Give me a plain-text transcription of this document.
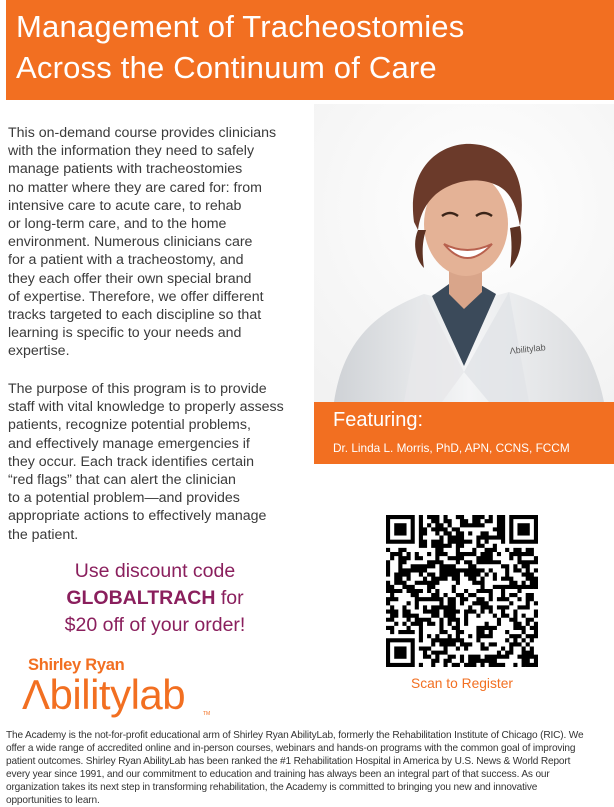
Management of Tracheostomies
Across the Continuum of Care

This on-demand course provides clinicians
with the information they need to safely
manage patients with tracheostomies
no matter where they are cared for: from
intensive care to acute care, to rehab
or long-term care, and to the home
environment. Numerous clinicians care
for a patient with a tracheostomy, and
they each offer their own special brand
of expertise. Therefore, we offer different
tracks targeted to each discipline so that
learning is specific to your needs and
expertise.	Ʌbilitylab
Featuring:
Dr. Linda L. Morris, PhD, APN, CCNS, FCCM

The purpose of this program is to provide
staff with vital knowledge to properly assess
patients, recognize potential problems,
and effectively manage emergencies if
they occur. Each track identifies certain
“red flags” that can alert the clinician
to a potential problem—and provides
appropriate actions to effectively manage
the patient.

Use discount code
GLOBALTRACH for
$20 off of your order!
Shirley Ryan
Ʌbilitylab	TM
Scan to Register

The Academy is the not-for-profit educational arm of Shirley Ryan AbilityLab, formerly the Rehabilitation Institute of Chicago (RIC). We
offer a wide range of accredited online and in-person courses, webinars and hands-on programs with the common goal of improving
patient outcomes. Shirley Ryan AbilityLab has been ranked the #1 Rehabilitation Hospital in America by U.S. News & World Report
every year since 1991, and our commitment to education and training has always been an integral part of that success. As our
organization takes its next step in transforming rehabilitation, the Academy is committed to bringing you new and innovative
opportunities to learn.
